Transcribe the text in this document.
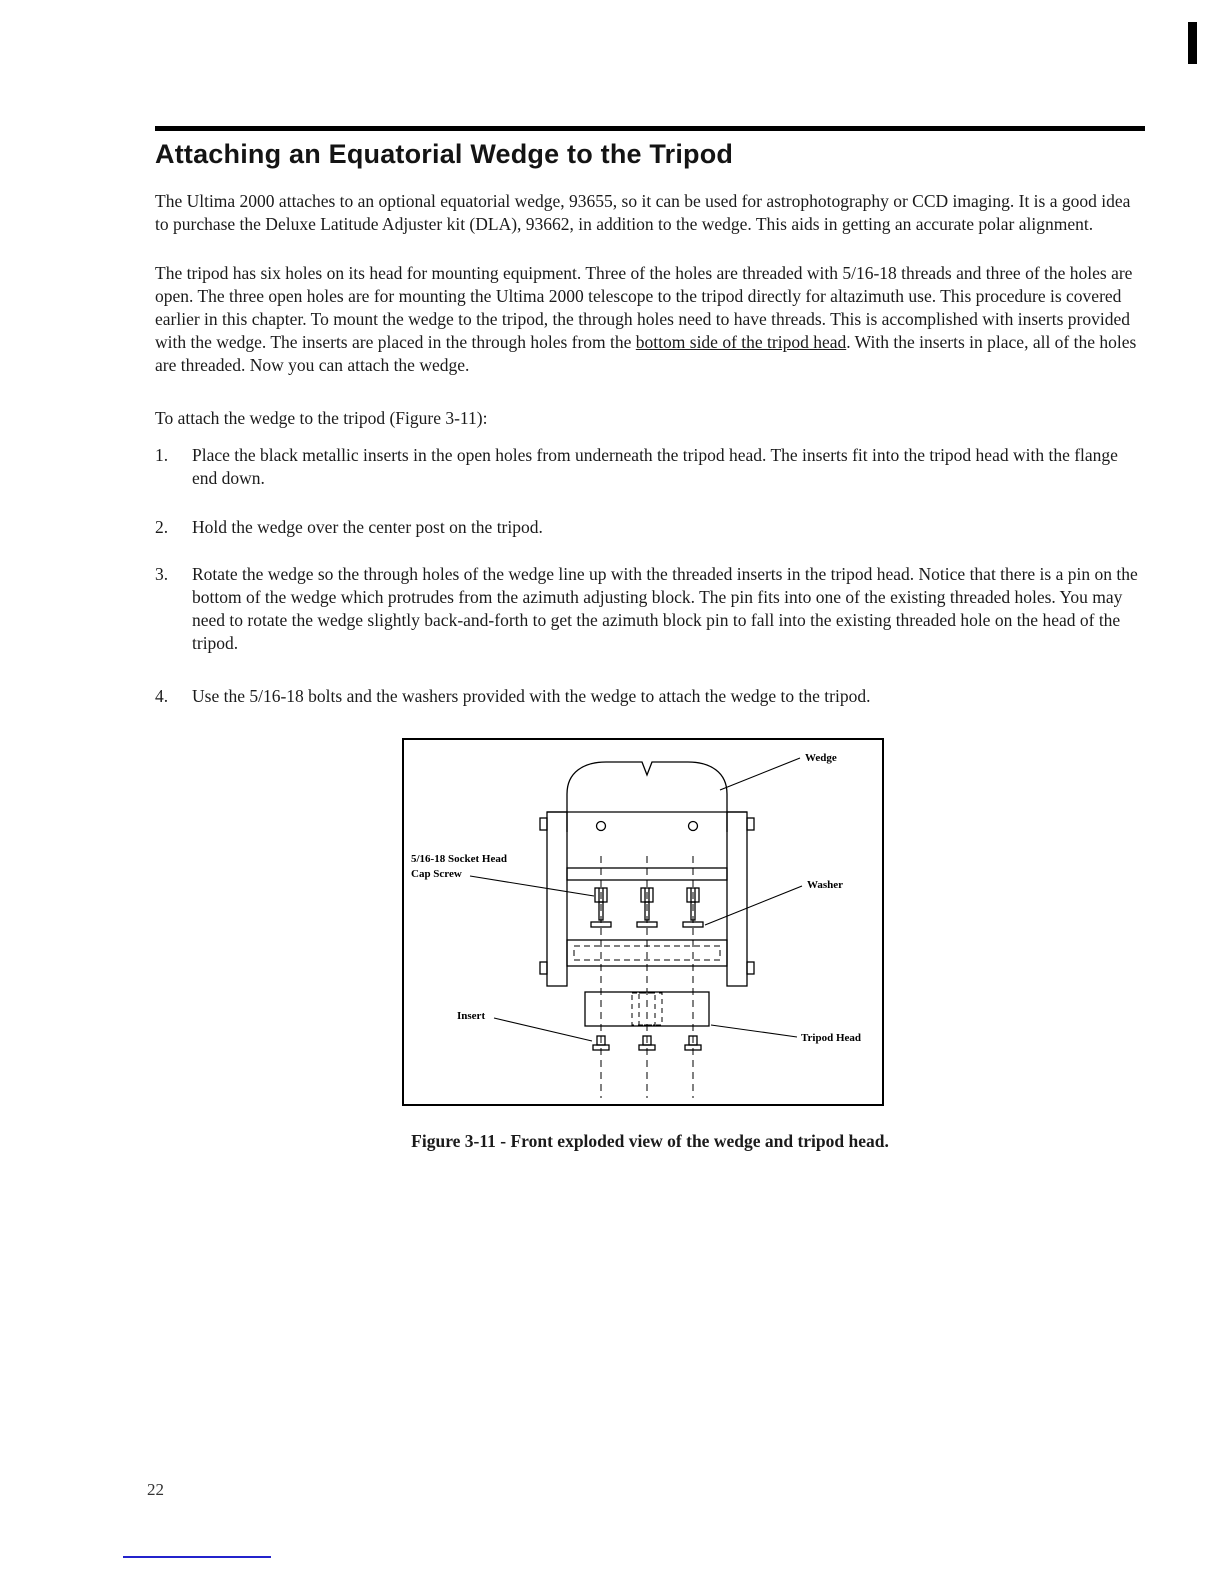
Attaching an Equatorial Wedge to the Tripod

The Ultima 2000 attaches to an optional equatorial wedge, 93655, so it can be used for astrophotography or CCD imaging. It is a good idea to purchase the Deluxe Latitude Adjuster kit (DLA), 93662, in addition to the wedge. This aids in getting an accurate polar alignment.

The tripod has six holes on its head for mounting equipment. Three of the holes are threaded with 5/16-18 threads and three of the holes are open. The three open holes are for mounting the Ultima 2000 telescope to the tripod directly for altazimuth use. This procedure is covered earlier in this chapter. To mount the wedge to the tripod, the through holes need to have threads. This is accomplished with inserts provided with the wedge. The inserts are placed in the through holes from the bottom side of the tripod head. With the inserts in place, all of the holes are threaded. Now you can attach the wedge.

To attach the wedge to the tripod (Figure 3-11):

1.	Place the black metallic inserts in the open holes from underneath the tripod head. The inserts fit into the tripod head with the flange end down.
2.	Hold the wedge over the center post on the tripod.
3.	Rotate the wedge so the through holes of the wedge line up with the threaded inserts in the tripod head. Notice that there is a pin on the bottom of the wedge which protrudes from the azimuth adjusting block. The pin fits into one of the existing threaded holes. You may need to rotate the wedge slightly back-and-forth to get the azimuth block pin to fall into the existing threaded hole on the head of the tripod.
4.	Use the 5/16-18 bolts and the washers provided with the wedge to attach the wedge to the tripod.
Wedge
5/16-18 Socket Head
Cap Screw
Washer
Insert
Tripod Head
Figure 3-11 - Front exploded view of the wedge and tripod head.
22
